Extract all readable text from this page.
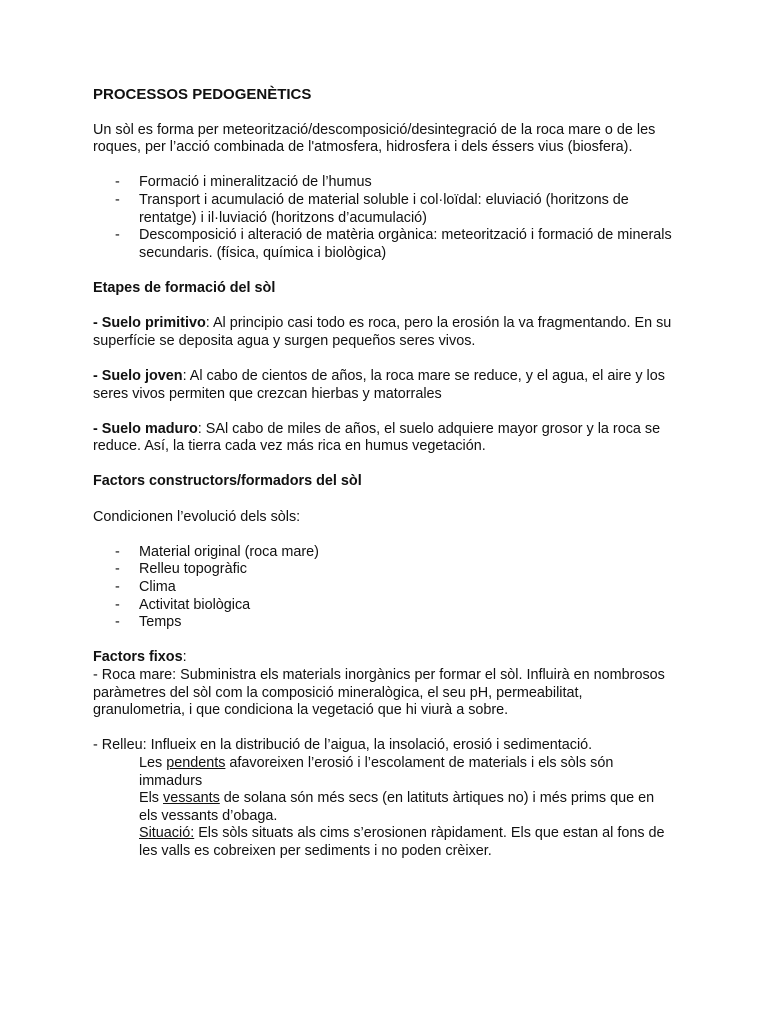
PROCESSOS PEDOGENÈTICS

Un sòl es forma per meteorització/descomposició/desintegració de la roca mare o de les roques, per l’acció combinada de l'atmosfera, hidrosfera i dels éssers vius (biosfera).

- Formació i mineralització de l’humus
- Transport i acumulació de material soluble i col·loïdal: eluviació (horitzons de rentatge) i il·luviació (horitzons d’acumulació)
- Descomposició i alteració de matèria orgànica: meteorització i formació de minerals secundaris. (física, química i biològica)

Etapes de formació del sòl

- Suelo primitivo: Al principio casi todo es roca, pero la erosión la va fragmentando. En su superfície se deposita agua y surgen pequeños seres vivos.

- Suelo joven: Al cabo de cientos de años, la roca mare se reduce, y el agua, el aire y los seres vivos permiten que crezcan hierbas y matorrales

- Suelo maduro: SAl cabo de miles de años, el suelo adquiere mayor grosor y la roca se reduce. Así, la tierra cada vez más rica en humus vegetación.

Factors constructors/formadors del sòl

Condicionen l’evolució dels sòls:

- Material original (roca mare)
- Relleu topogràfic
- Clima
- Activitat biològica
- Temps

Factors fixos:

- Roca mare: Subministra els materials inorgànics per formar el sòl. Influirà en nombrosos paràmetres del sòl com la composició mineralògica, el seu pH, permeabilitat, granulometria, i que condiciona la vegetació que hi viurà a sobre.

- Relleu: Influeix en la distribució de l’aigua, la insolació, erosió i sedimentació.

Les pendents afavoreixen l’erosió i l’escolament de materials i els sòls són immadurs

Els vessants de solana són més secs (en latituts àrtiques no) i més prims que en els vessants d’obaga.

Situació: Els sòls situats als cims s’erosionen ràpidament. Els que estan al fons de les valls es cobreixen per sediments i no poden crèixer.
